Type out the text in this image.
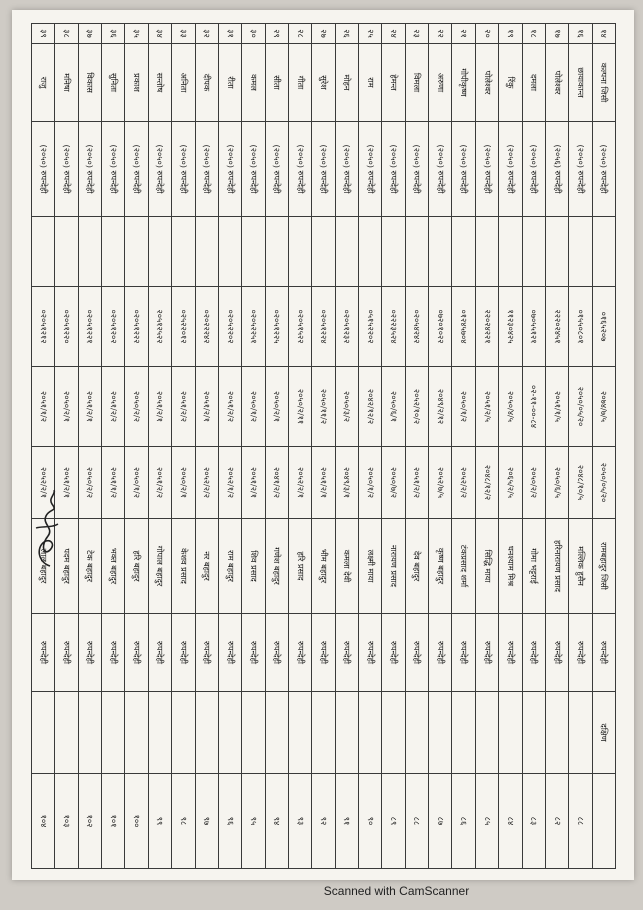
१४	कल्पना जिसी	(२०५०) रुपन्देही		०१६५२०७	२०७४/७/५	२०५०/०५/२०	रामबहादुर जिसी	रुपन्देही	दक्षिण	
१६	छायाकान्त	(२०५०) रुपन्देही		०१५५०८०१	२०५०/०५/२०	२०४८/१०/५	मल्लिक हुसैन	रुपन्देही		८८
१७	पोलेश्वर	(२०५६) रुपन्देही		२२२०२४५१	२०५१/१/५	२०५०/६/५	हरिनारायण प्रसाद	रुपन्देही		८२
१८	दमला	(२०५०) रुपन्देही		०७०५५१२१	०२-११-००-८४	२०५०/२/२	गोमा भट्टराई	रुपन्देही		८३
१९	रिंकु	(२०५०) रुपन्देही		११२३०४२५	२०५०/४/५	२०६५/२/५	घनश्याम मिश्र	रुपन्देही		८४
२०	पोलेश्वर	(२०५०) रुपन्देही		२२०२४२२१	२०५१/२/५	२०४८/१२/२	सिद्धि माया	रुपन्देही		८५
२१	गोपीकृष्ण	(२०५०) रुपन्देही		०१२४५७०४	२०५०/१/२	२०५२/२/२	टंकप्रसाद शर्मा	रुपन्देही		८६
२२	अरुणा	(२०५०) रुपन्देही		०७२०१०२२	२०४९/२/१२	२०५२/७/५	कृष्ण बहादुर	रुपन्देही		८७
२३	विमला	(२०५०) रुपन्देही		०२०५४२४२	२०५२/१०/२	२०५१/२/२	देव बहादुर	रुपन्देही		८८
२४	हेमन्त	(२०५०) रुपन्देही		०२२२३५२४	२०५०/६/१	२०५०/७/२	नारायण प्रसाद	रुपन्देही		८९
२५	राम	(२०५०) रुपन्देही		०५१५२२०२	२०४२/१२/२	२०५०/१/२	लक्ष्मी माया	रुपन्देही		९०
२६	मोहन	(२०५०) रुपन्देही		०२०५१२३२	२०५०/३/२	२०४९/३/१	कमला देवी	रुपन्देही		९१
२७	सुरेश	(२०५०) रुपन्देही		०२०५१२२४	२०५०/११/२	२०५१/२/१	भीम बहादुर	रुपन्देही		९२
२८	गीता	(२०५०) रुपन्देही		०२०५१५२२	२०५०/२/११	२०५२/२/१	हरि प्रसाद	रुपन्देही		९३
२९	सीता	(२०५०) रुपन्देही		०२०५१२२५	२०५०/२/१	२०४१/२/२	गणेश बहादुर	रुपन्देही		९४
३०	कमल	(२०५०) रुपन्देही		०२०५२२५१	२०५०/१/२	२०५१/२/१	शिव प्रसाद	रुपन्देही		९५
३१	रीता	(२०५०) रुपन्देही		०२०५२२०२	२०५१/२/२	२०५२/१/२	राम बहादुर	रुपन्देही		९६
३२	दीपक	(२०५०) रुपन्देही		०२०२२२४२	२०५१/२/१	२०५२/२/२	नर बहादुर	रुपन्देही		९७
३३	अनिता	(२०५०) रुपन्देही		०२५२२०१२	२०५१/२/२	२०५०/२/१	केशव प्रसाद	रुपन्देही		९८
३४	सन्तोष	(२०५०) रुपन्देही		२०५१२५२२	२०५१/२/१	२०५१/२/२	गोपाल बहादुर	रुपन्देही		९९
३५	प्रकाश	(२०५०) रुपन्देही		०२०५१२२२	२०५०/२/२	२०५०/१/२	हरि बहादुर	रुपन्देही		१००
३६	सुनिता	(२०५०) रुपन्देही		०२०५१२०२	२०५१/२/२	२०५१/१/२	भक्त बहादुर	रुपन्देही		१०१
३७	विकास	(२०५०) रुपन्देही		०२०५१२२१	२०५१/२/१	२०५०/२/२	टेक बहादुर	रुपन्देही		१०२
३८	मनिषा	(२०५०) रुपन्देही		०२०५१२२०	२०५०/२/१	२०५१/२/१	पदम बहादुर	रुपन्देही		१०३
३९	राजु	(२०५०) रुपन्देही		०२०५१२१२	२०५१/१/२	२०५२/२/१	लाल बहादुर	रुपन्देही		१०४
Scanned with CamScanner
